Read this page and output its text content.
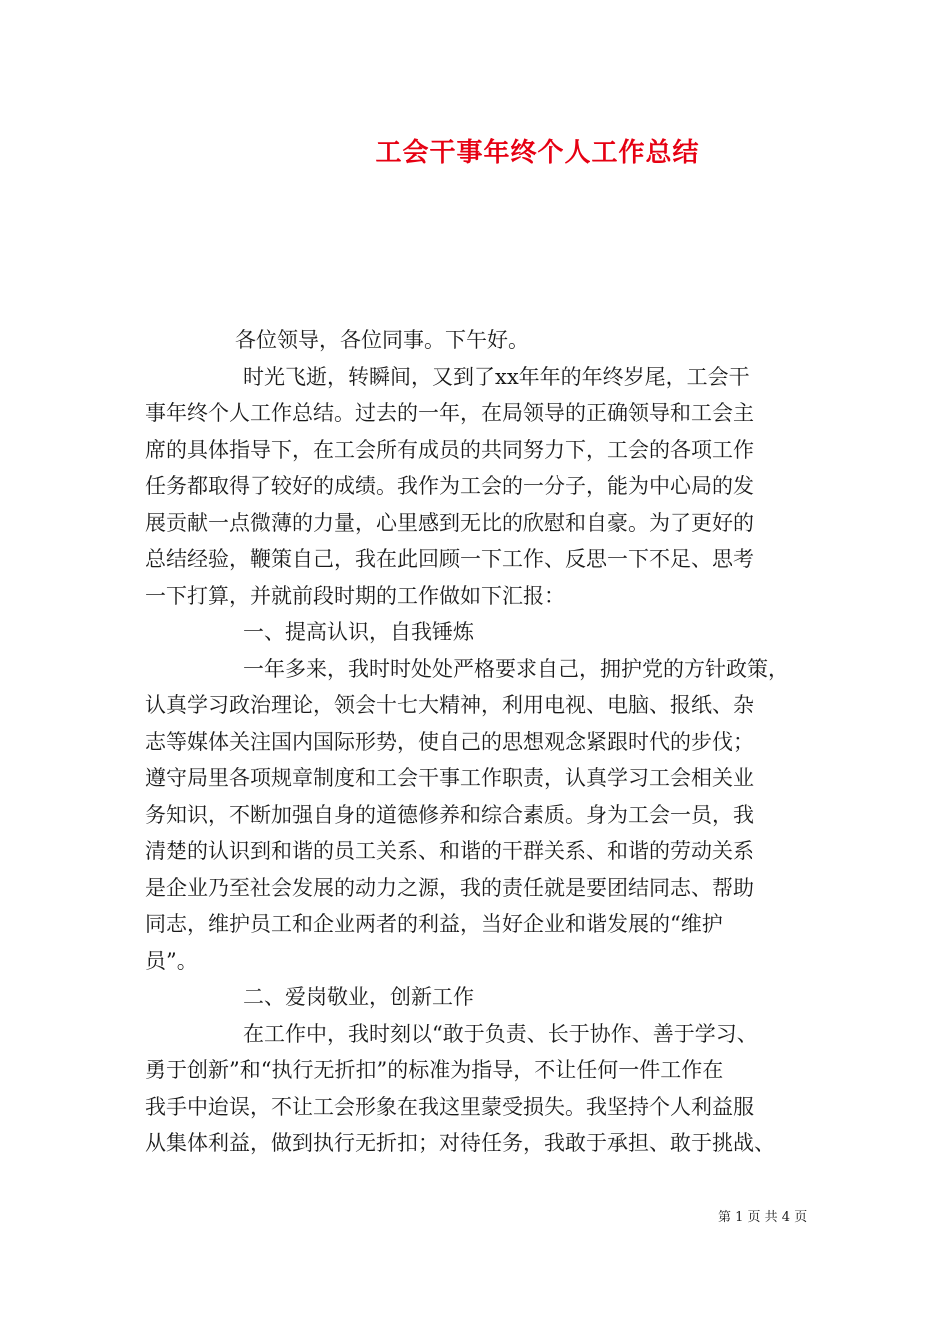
工会干事年终个人工作总结
各位领导，各位同事。下午好。
时光飞逝，转瞬间，又到了xx年年的年终岁尾，工会干
事年终个人工作总结。过去的一年，在局领导的正确领导和工会主
席的具体指导下，在工会所有成员的共同努力下，工会的各项工作
任务都取得了较好的成绩。我作为工会的一分子，能为中心局的发
展贡献一点微薄的力量，心里感到无比的欣慰和自豪。为了更好的
总结经验，鞭策自己，我在此回顾一下工作、反思一下不足、思考
一下打算，并就前段时期的工作做如下汇报：
一、提高认识，自我锤炼
一年多来，我时时处处严格要求自己，拥护党的方针政策，
认真学习政治理论，领会十七大精神，利用电视、电脑、报纸、杂
志等媒体关注国内国际形势，使自己的思想观念紧跟时代的步伐；
遵守局里各项规章制度和工会干事工作职责，认真学习工会相关业
务知识，不断加强自身的道德修养和综合素质。身为工会一员，我
清楚的认识到和谐的员工关系、和谐的干群关系、和谐的劳动关系
是企业乃至社会发展的动力之源，我的责任就是要团结同志、帮助
同志，维护员工和企业两者的利益，当好企业和谐发展的“维护
员”。
二、爱岗敬业，创新工作
在工作中，我时刻以“敢于负责、长于协作、善于学习、
勇于创新”和“执行无折扣”的标准为指导，不让任何一件工作在
我手中迨误，不让工会形象在我这里蒙受损失。我坚持个人利益服
从集体利益，做到执行无折扣；对待任务，我敢于承担、敢于挑战、
第 1 页 共 4 页
